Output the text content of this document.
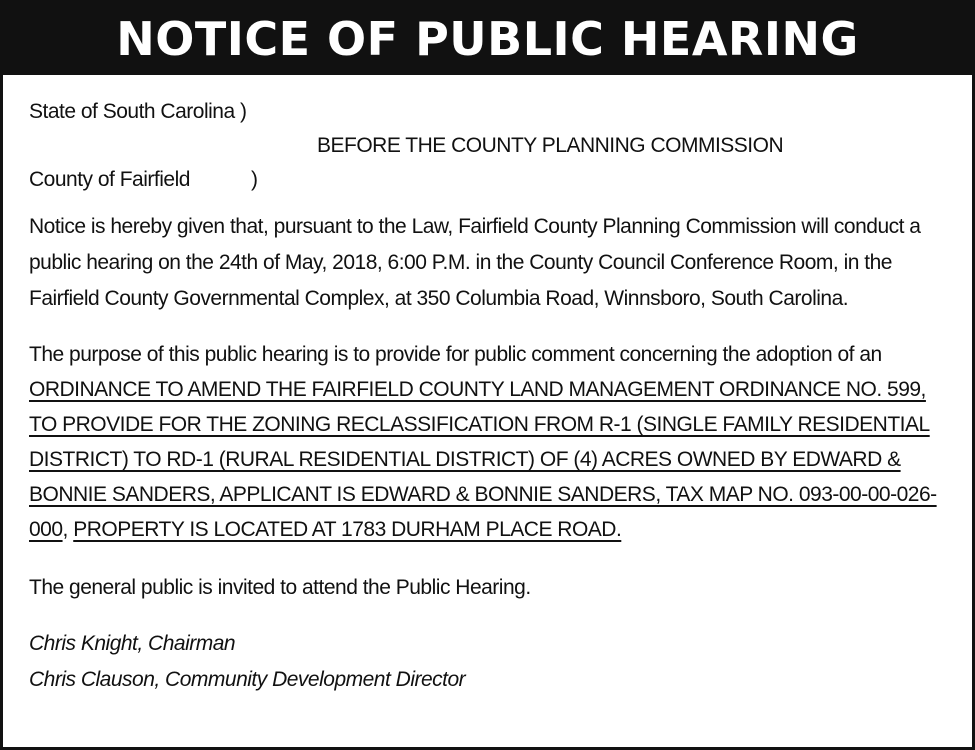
NOTICE OF PUBLIC HEARING
State of South Carolina )
BEFORE THE COUNTY PLANNING COMMISSION
County of Fairfield	)

Notice is hereby given that, pursuant to the Law, Fairfield County Planning Commission will conduct a public hearing on the 24th of May, 2018, 6:00 P.M. in the County Council Conference Room, in the Fairfield County Governmental Complex, at 350 Columbia Road, Winnsboro, South Carolina.

The purpose of this public hearing is to provide for public comment concerning the adoption of an ORDINANCE TO AMEND THE FAIRFIELD COUNTY LAND MANAGEMENT ORDINANCE NO. 599, TO PROVIDE FOR THE ZONING RECLASSIFICATION FROM R-1 (SINGLE FAMILY RESIDENTIAL DISTRICT) TO RD-1 (RURAL RESIDENTIAL DISTRICT) OF (4) ACRES OWNED BY EDWARD & BONNIE SANDERS, APPLICANT IS EDWARD & BONNIE SANDERS, TAX MAP NO. 093-00-00-026-000, PROPERTY IS LOCATED AT 1783 DURHAM PLACE ROAD.

The general public is invited to attend the Public Hearing.

Chris Knight, Chairman
Chris Clauson, Community Development Director
